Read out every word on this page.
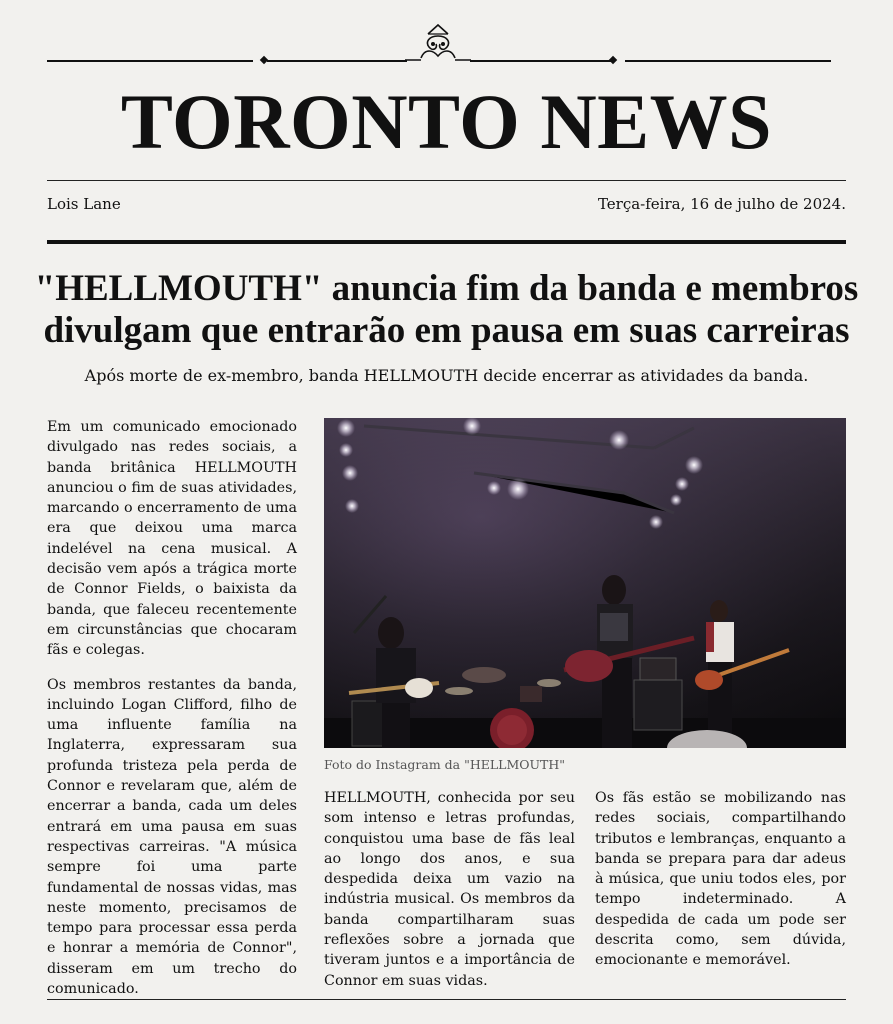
TORONTO NEWS
Lois Lane	Terça-feira, 16 de julho de 2024.
"HELLMOUTH" anuncia fim da banda e membros
divulgam que entrarão em pausa em suas carreiras
Após morte de ex-membro, banda HELLMOUTH decide encerrar as atividades da banda.

Em um comunicado emocionado divulgado nas redes sociais, a banda britânica HELLMOUTH anunciou o fim de suas atividades, marcando o encerramento de uma era que deixou uma marca indelével na cena musical. A decisão vem após a trágica morte de Connor Fields, o baixista da banda, que faleceu recentemente em circunstâncias que chocaram fãs e colegas.

Os membros restantes da banda, incluindo Logan Clifford, filho de uma influente família na Inglaterra, expressaram sua profunda tristeza pela perda de Connor e revelaram que, além de encerrar a banda, cada um deles entrará em uma pausa em suas respectivas carreiras. "A música sempre foi uma parte fundamental de nossas vidas, mas neste momento, precisamos de tempo para processar essa perda e honrar a memória de Connor", disseram em um trecho do comunicado.

Foto do Instagram da "HELLMOUTH"

HELLMOUTH, conhecida por seu som intenso e letras profundas, conquistou uma base de fãs leal ao longo dos anos, e sua despedida deixa um vazio na indústria musical. Os membros da banda compartilharam suas reflexões sobre a jornada que tiveram juntos e a importância de Connor em suas vidas.

Os fãs estão se mobilizando nas redes sociais, compartilhando tributos e lembranças, enquanto a banda se prepara para dar adeus à música, que uniu todos eles, por tempo indeterminado. A despedida de cada um pode ser descrita como, sem dúvida, emocionante e memorável.
